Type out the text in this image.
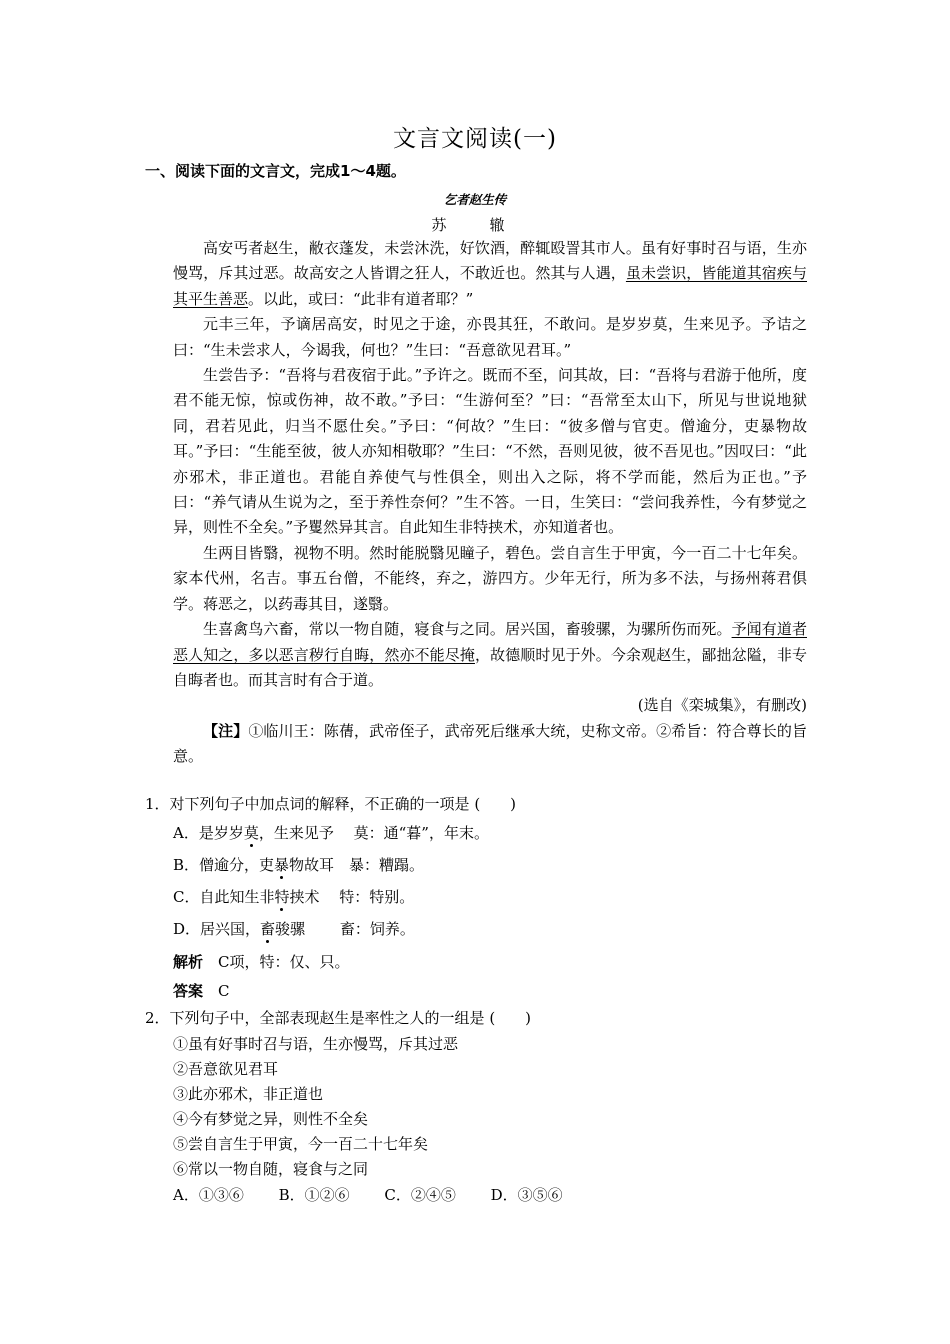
文言文阅读(一)
一、阅读下面的文言文，完成1～4题。
乞者赵生传
苏　辙

高安丐者赵生，敝衣蓬发，未尝沐洗，好饮酒，醉辄殴詈其市人。虽有好事时召与语，生亦慢骂，斥其过恶。故高安之人皆谓之狂人，不敢近也。然其与人遇，虽未尝识，皆能道其宿疾与其平生善恶。以此，或曰：“此非有道者耶？”

元丰三年，予谪居高安，时见之于途，亦畏其狂，不敢问。是岁岁莫，生来见予。予诘之曰：“生未尝求人，今谒我，何也？”生曰：“吾意欲见君耳。”

生尝告予：“吾将与君夜宿于此。”予许之。既而不至，问其故，曰：“吾将与君游于他所，度君不能无惊，惊或伤神，故不敢。”予曰：“生游何至？”曰：“吾常至太山下，所见与世说地狱同，君若见此，归当不愿仕矣。”予曰：“何故？”生曰：“彼多僧与官吏。僧逾分，吏暴物故耳。”予曰：“生能至彼，彼人亦知相敬耶？”生曰：“不然，吾则见彼，彼不吾见也。”因叹曰：“此亦邪术，非正道也。君能自养使气与性俱全，则出入之际，将不学而能，然后为正也。”予曰：“养气请从生说为之，至于养性奈何？”生不答。一日，生笑曰：“尝问我养性，今有梦觉之异，则性不全矣。”予矍然异其言。自此知生非特挟术，亦知道者也。

生两目皆翳，视物不明。然时能脱翳见瞳子，碧色。尝自言生于甲寅，今一百二十七年矣。家本代州，名吉。事五台僧，不能终，弃之，游四方。少年无行，所为多不法，与扬州蒋君俱学。蒋恶之，以药毒其目，遂翳。

生喜禽鸟六畜，常以一物自随，寝食与之同。居兴国，畜骏骡，为骡所伤而死。予闻有道者恶人知之，多以恶言秽行自晦，然亦不能尽掩，故德顺时见于外。今余观赵生，鄙拙忿隘，非专自晦者也。而其言时有合于道。

(选自《栾城集》，有删改)

【注】①临川王：陈蒨，武帝侄子，武帝死后继承大统，史称文帝。②希旨：符合尊长的旨意。

1．对下列句子中加点词的解释，不正确的一项是 (　　)
A．是岁岁莫，生来见予　 莫：通“暮”，年末。
B．僧逾分，吏暴物故耳　暴：糟蹋。
C．自此知生非特挟术　 特：特别。
D．居兴国，畜骏骡　　 畜：饲养。
解析　C项，特：仅、只。
答案　C
2．下列句子中，全部表现赵生是率性之人的一组是 (　　)
①虽有好事时召与语，生亦慢骂，斥其过恶
②吾意欲见君耳
③此亦邪术，非正道也
④今有梦觉之异，则性不全矣
⑤尝自言生于甲寅，今一百二十七年矣
⑥常以一物自随，寝食与之同
A．①③⑥　　 B．①②⑥　　 C．②④⑤　　 D．③⑤⑥
